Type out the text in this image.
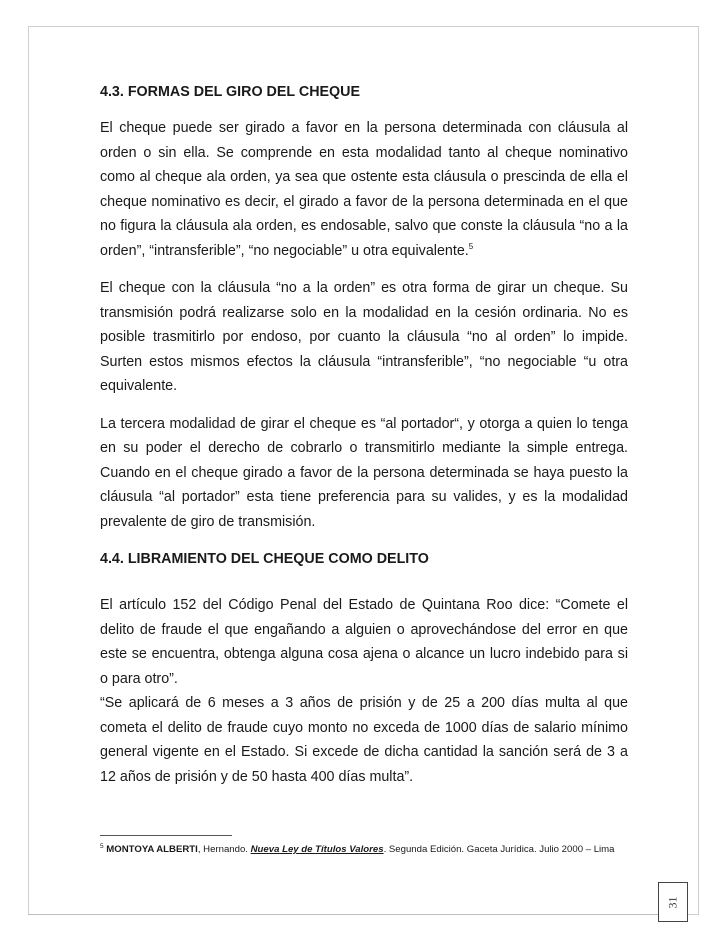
4.3. FORMAS DEL GIRO DEL CHEQUE

El cheque puede ser girado a favor en la persona determinada con cláusula al orden o sin ella. Se comprende en esta modalidad tanto al cheque nominativo como al cheque ala orden, ya sea que ostente esta cláusula o prescinda de ella el cheque nominativo es decir, el girado a favor de la persona determinada en el que no figura la cláusula ala orden, es endosable, salvo que conste la cláusula “no a la orden”, “intransferible”, “no negociable” u otra equivalente.$^5$

El cheque con la cláusula “no a la orden” es otra forma de girar un cheque. Su transmisión podrá realizarse solo en la modalidad en la cesión ordinaria. No es posible trasmitirlo por endoso, por cuanto la cláusula “no al orden” lo impide. Surten estos mismos efectos la cláusula “intransferible”, “no negociable “u otra equivalente.

La tercera modalidad de girar el cheque es “al portador“, y otorga a quien lo tenga en su poder el derecho de cobrarlo o transmitirlo mediante la simple entrega. Cuando en el cheque girado a favor de la persona determinada se haya puesto la cláusula “al portador” esta tiene preferencia para su valides, y es la modalidad prevalente de giro de transmisión.

4.4. LIBRAMIENTO DEL CHEQUE COMO DELITO

El artículo 152 del Código Penal del Estado de Quintana Roo dice: “Comete el delito de fraude el que engañando a alguien o aprovechándose del error en que este se encuentra, obtenga alguna cosa ajena o alcance un lucro indebido para si o para otro”.

“Se aplicará de 6 meses a 3 años de prisión y de 25 a 200 días multa al que cometa el delito de fraude cuyo monto no exceda de 1000 días de salario mínimo general vigente en el Estado. Si excede de dicha cantidad la sanción será de 3 a 12 años de prisión y de 50 hasta 400 días multa”.

$^5$ MONTOYA ALBERTI, Hernando. Nueva Ley de Títulos Valores. Segunda Edición. Gaceta Jurídica. Julio 2000 – Lima
31
